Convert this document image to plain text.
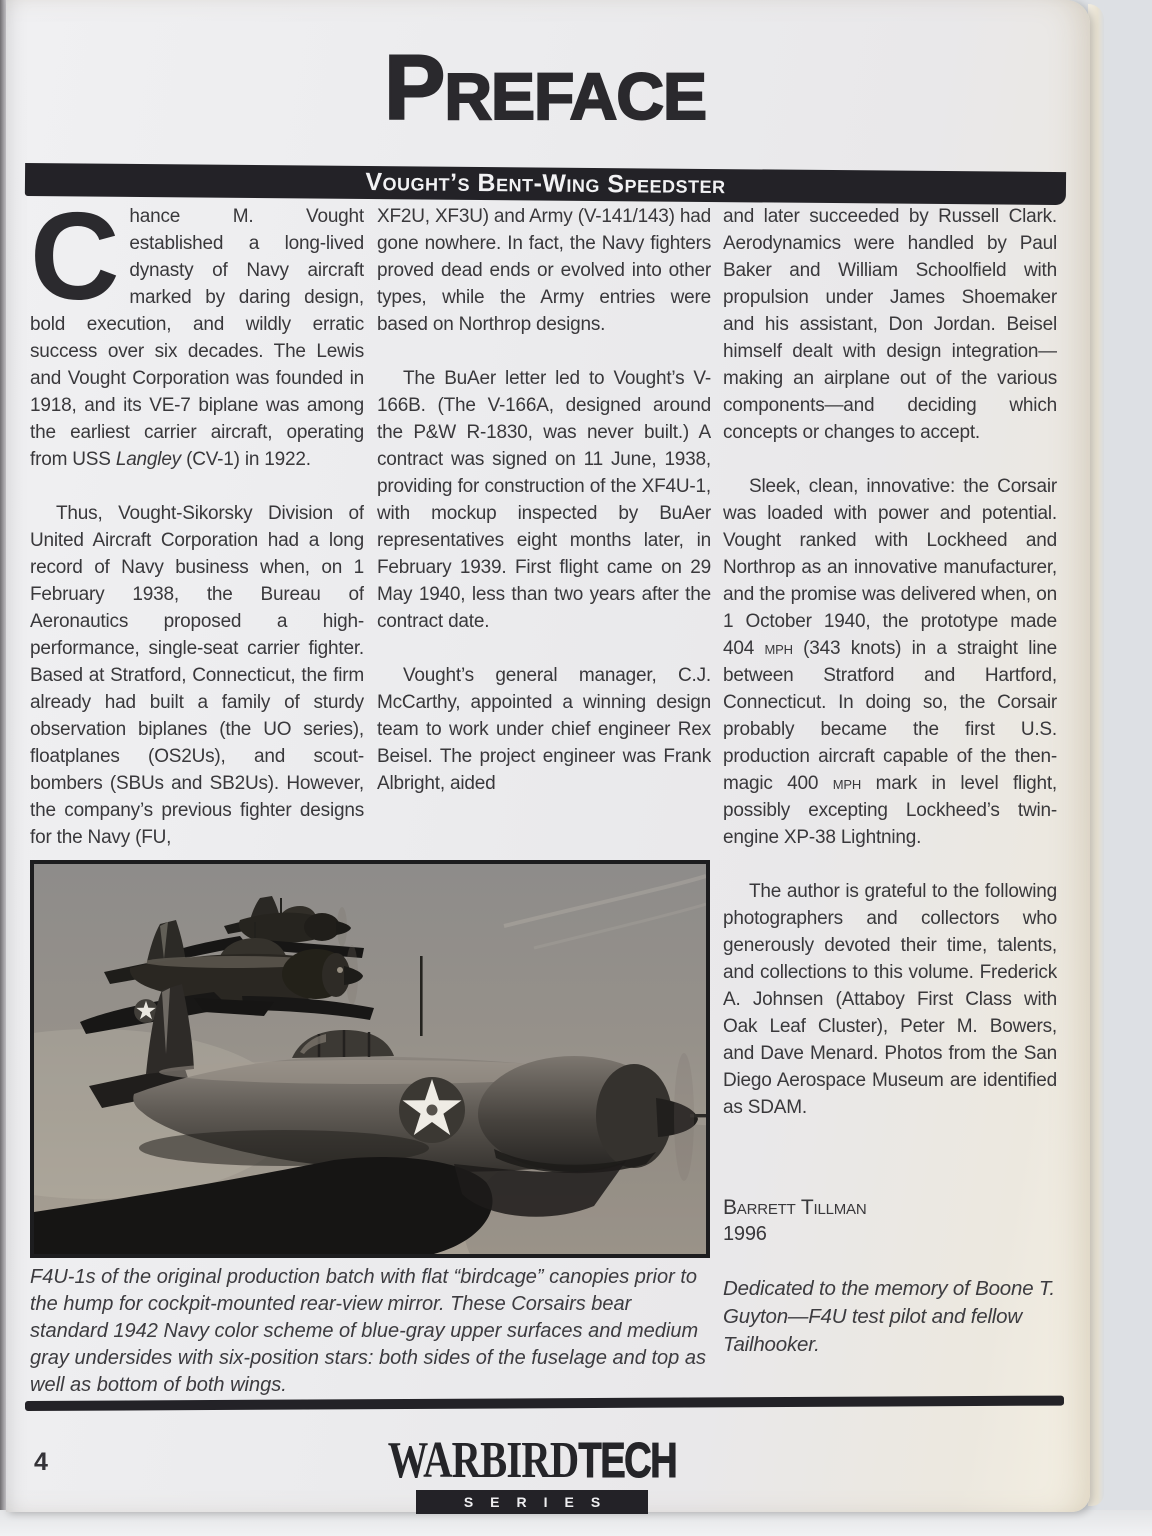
PREFACE
Vought’s Bent-Wing Speedster

Chance M. Vought established a long-lived dynasty of Navy aircraft marked by daring design, bold execution, and wildly erratic success over six decades. The Lewis and Vought Corporation was founded in 1918, and its VE-7 biplane was among the earliest carrier aircraft, operating from USS Langley (CV-1) in 1922.

Thus, Vought-Sikorsky Division of United Aircraft Corporation had a long record of Navy business when, on 1 February 1938, the Bureau of Aeronautics proposed a high-performance, single-seat carrier fighter. Based at Stratford, Connecticut, the firm already had built a family of sturdy observation biplanes (the UO series), floatplanes (OS2Us), and scout-bombers (SBUs and SB2Us). However, the company’s previous fighter designs for the Navy (FU,

XF2U, XF3U) and Army (V-141/143) had gone nowhere. In fact, the Navy fighters proved dead ends or evolved into other types, while the Army entries were based on Northrop designs.

The BuAer letter led to Vought’s V-166B. (The V-166A, designed around the P&W R-1830, was never built.) A contract was signed on 11 June, 1938, providing for construction of the XF4U-1, with mockup inspected by BuAer representatives eight months later, in February 1939. First flight came on 29 May 1940, less than two years after the contract date.

Vought’s general manager, C.J. McCarthy, appointed a winning design team to work under chief engineer Rex Beisel. The project engineer was Frank Albright, aided

and later succeeded by Russell Clark. Aerodynamics were handled by Paul Baker and William Schoolfield with propulsion under James Shoemaker and his assistant, Don Jordan. Beisel himself dealt with design integration—making an airplane out of the various components—and deciding which concepts or changes to accept.

Sleek, clean, innovative: the Corsair was loaded with power and potential. Vought ranked with Lockheed and Northrop as an innovative manufacturer, and the promise was delivered when, on 1 October 1940, the prototype made 404 mph (343 knots) in a straight line between Stratford and Hartford, Connecticut. In doing so, the Corsair probably became the first U.S. production aircraft capable of the then-magic 400 mph mark in level flight, possibly excepting Lockheed’s twin-engine XP-38 Lightning.

The author is grateful to the following photographers and collectors who generously devoted their time, talents, and collections to this volume. Frederick A. Johnsen (Attaboy First Class with Oak Leaf Cluster), Peter M. Bowers, and Dave Menard. Photos from the San Diego Aerospace Museum are identified as SDAM.

Barrett Tillman
1996
Dedicated to the memory of Boone T. Guyton—F4U test pilot and fellow Tailhooker.
F4U-1s of the original production batch with flat “birdcage” canopies prior to the hump for cockpit-mounted rear-view mirror. These Corsairs bear standard 1942 Navy color scheme of blue-gray upper surfaces and medium gray undersides with six-position stars: both sides of the fuselage and top as well as bottom of both wings.
4	WARBIRD TECH
SERIES
